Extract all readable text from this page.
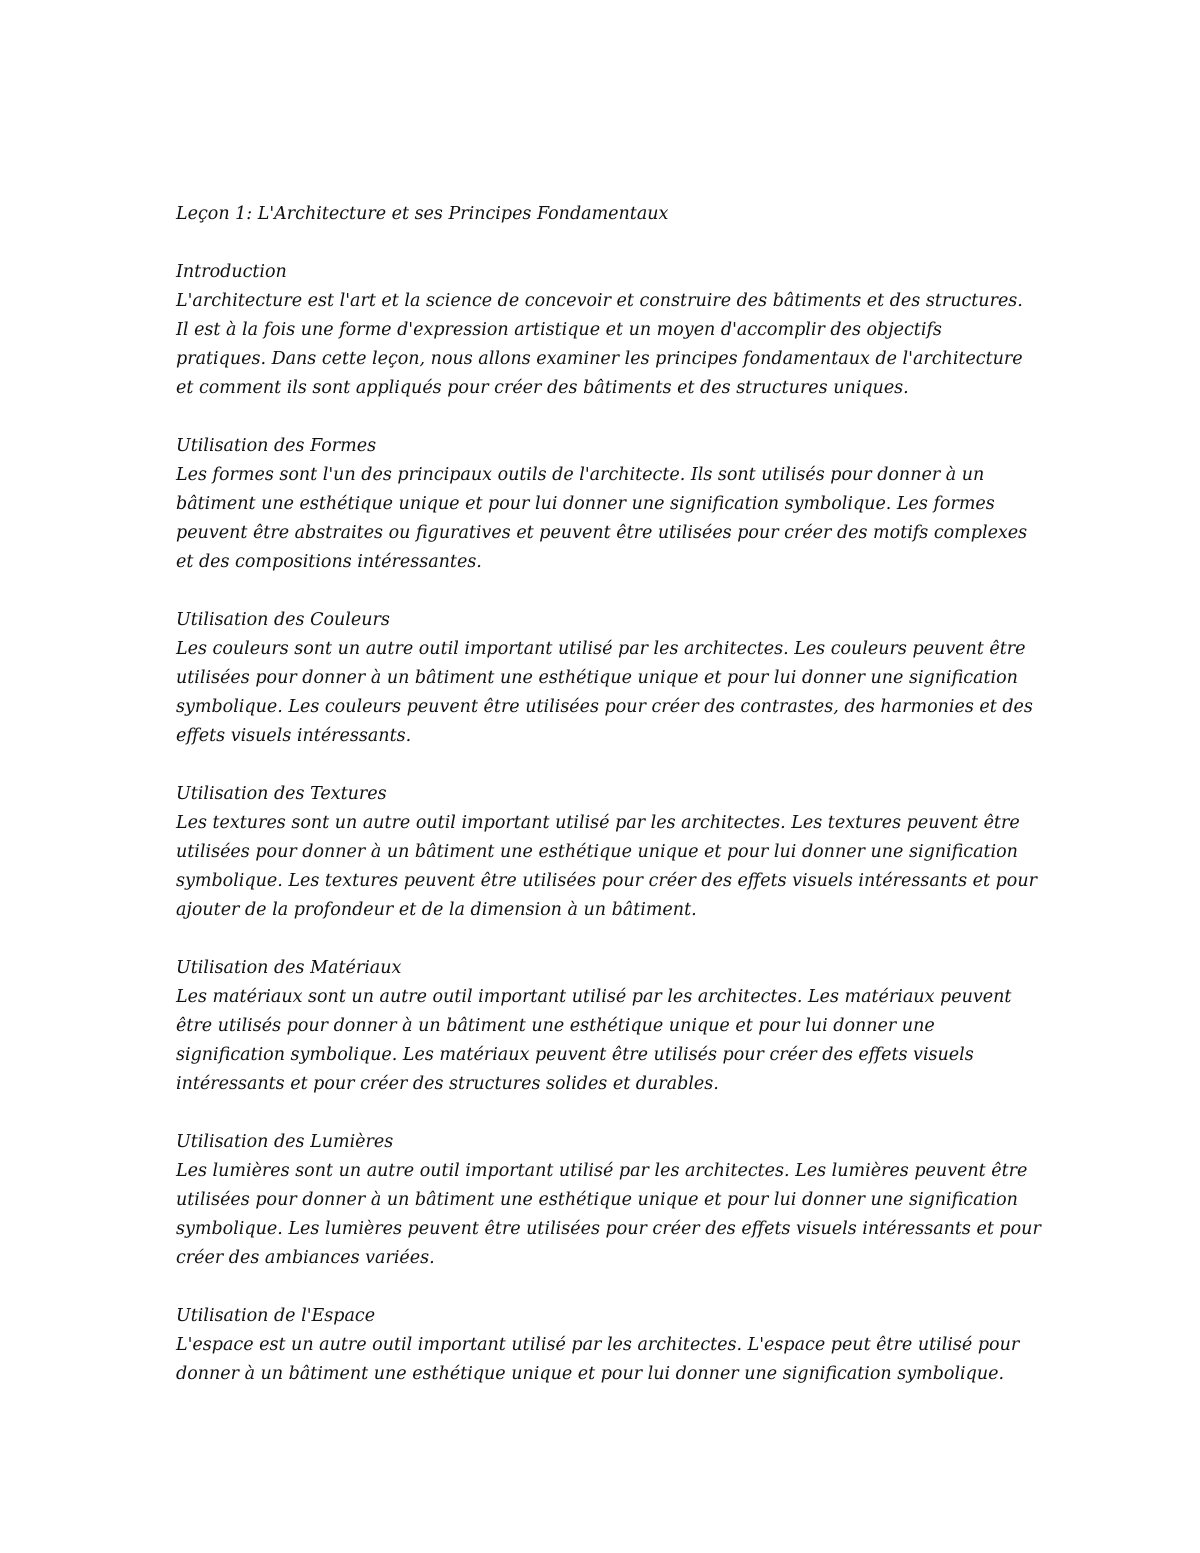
Leçon 1: L'Architecture et ses Principes Fondamentaux

Introduction

L'architecture est l'art et la science de concevoir et construire des bâtiments et des structures.
Il est à la fois une forme d'expression artistique et un moyen d'accomplir des objectifs
pratiques. Dans cette leçon, nous allons examiner les principes fondamentaux de l'architecture
et comment ils sont appliqués pour créer des bâtiments et des structures uniques.

Utilisation des Formes

Les formes sont l'un des principaux outils de l'architecte. Ils sont utilisés pour donner à un
bâtiment une esthétique unique et pour lui donner une signification symbolique. Les formes
peuvent être abstraites ou figuratives et peuvent être utilisées pour créer des motifs complexes
et des compositions intéressantes.

Utilisation des Couleurs

Les couleurs sont un autre outil important utilisé par les architectes. Les couleurs peuvent être
utilisées pour donner à un bâtiment une esthétique unique et pour lui donner une signification
symbolique. Les couleurs peuvent être utilisées pour créer des contrastes, des harmonies et des
effets visuels intéressants.

Utilisation des Textures

Les textures sont un autre outil important utilisé par les architectes. Les textures peuvent être
utilisées pour donner à un bâtiment une esthétique unique et pour lui donner une signification
symbolique. Les textures peuvent être utilisées pour créer des effets visuels intéressants et pour
ajouter de la profondeur et de la dimension à un bâtiment.

Utilisation des Matériaux

Les matériaux sont un autre outil important utilisé par les architectes. Les matériaux peuvent
être utilisés pour donner à un bâtiment une esthétique unique et pour lui donner une
signification symbolique. Les matériaux peuvent être utilisés pour créer des effets visuels
intéressants et pour créer des structures solides et durables.

Utilisation des Lumières

Les lumières sont un autre outil important utilisé par les architectes. Les lumières peuvent être
utilisées pour donner à un bâtiment une esthétique unique et pour lui donner une signification
symbolique. Les lumières peuvent être utilisées pour créer des effets visuels intéressants et pour
créer des ambiances variées.

Utilisation de l'Espace

L'espace est un autre outil important utilisé par les architectes. L'espace peut être utilisé pour
donner à un bâtiment une esthétique unique et pour lui donner une signification symbolique.
